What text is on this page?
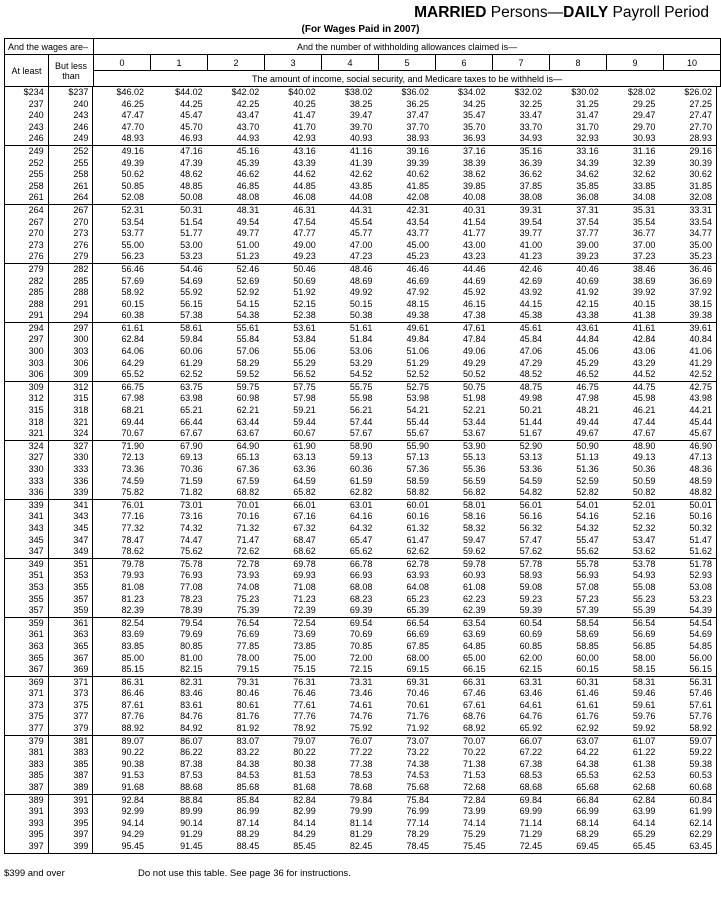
MARRIED Persons—DAILY Payroll Period
(For Wages Paid in 2007)
And the wages are–		And the number of withholding allowances claimed is—										
At least	But less
than	0	1	2	3	4	5	6	7	8	9	10
		The amount of income, social security, and Medicare taxes to be withheld is—										
$234	$237	$46.02	$44.02	$42.02	$40.02	$38.02	$36.02	$34.02	$32.02	$30.02	$28.02	$26.02
237	240	46.25	44.25	42.25	40.25	38.25	36.25	34.25	32.25	31.25	29.25	27.25
240	243	47.47	45.47	43.47	41.47	39.47	37.47	35.47	33.47	31.47	29.47	27.47
243	246	47.70	45.70	43.70	41.70	39.70	37.70	35.70	33.70	31.70	29.70	27.70
246	249	48.93	46.93	44.93	42.93	40.93	38.93	36.93	34.93	32.93	30.93	28.93
249	252	49.16	47.16	45.16	43.16	41.16	39.16	37.16	35.16	33.16	31.16	29.16
252	255	49.39	47.39	45.39	43.39	41.39	39.39	38.39	36.39	34.39	32.39	30.39
255	258	50.62	48.62	46.62	44.62	42.62	40.62	38.62	36.62	34.62	32.62	30.62
258	261	50.85	48.85	46.85	44.85	43.85	41.85	39.85	37.85	35.85	33.85	31.85
261	264	52.08	50.08	48.08	46.08	44.08	42.08	40.08	38.08	36.08	34.08	32.08
264	267	52.31	50.31	48.31	46.31	44.31	42.31	40.31	39.31	37.31	35.31	33.31
267	270	53.54	51.54	49.54	47.54	45.54	43.54	41.54	39.54	37.54	35.54	33.54
270	273	53.77	51.77	49.77	47.77	45.77	43.77	41.77	39.77	37.77	36.77	34.77
273	276	55.00	53.00	51.00	49.00	47.00	45.00	43.00	41.00	39.00	37.00	35.00
276	279	56.23	53.23	51.23	49.23	47.23	45.23	43.23	41.23	39.23	37.23	35.23
279	282	56.46	54.46	52.46	50.46	48.46	46.46	44.46	42.46	40.46	38.46	36.46
282	285	57.69	54.69	52.69	50.69	48.69	46.69	44.69	42.69	40.69	38.69	36.69
285	288	58.92	55.92	52.92	51.92	49.92	47.92	45.92	43.92	41.92	39.92	37.92
288	291	60.15	56.15	54.15	52.15	50.15	48.15	46.15	44.15	42.15	40.15	38.15
291	294	60.38	57.38	54.38	52.38	50.38	49.38	47.38	45.38	43.38	41.38	39.38
294	297	61.61	58.61	55.61	53.61	51.61	49.61	47.61	45.61	43.61	41.61	39.61
297	300	62.84	59.84	55.84	53.84	51.84	49.84	47.84	45.84	44.84	42.84	40.84
300	303	64.06	60.06	57.06	55.06	53.06	51.06	49.06	47.06	45.06	43.06	41.06
303	306	64.29	61.29	58.29	55.29	53.29	51.29	49.29	47.29	45.29	43.29	41.29
306	309	65.52	62.52	59.52	56.52	54.52	52.52	50.52	48.52	46.52	44.52	42.52
309	312	66.75	63.75	59.75	57.75	55.75	52.75	50.75	48.75	46.75	44.75	42.75
312	315	67.98	63.98	60.98	57.98	55.98	53.98	51.98	49.98	47.98	45.98	43.98
315	318	68.21	65.21	62.21	59.21	56.21	54.21	52.21	50.21	48.21	46.21	44.21
318	321	69.44	66.44	63.44	59.44	57.44	55.44	53.44	51.44	49.44	47.44	45.44
321	324	70.67	67.67	63.67	60.67	57.67	55.67	53.67	51.67	49.67	47.67	45.67
324	327	71.90	67.90	64.90	61.90	58.90	55.90	53.90	52.90	50.90	48.90	46.90
327	330	72.13	69.13	65.13	63.13	59.13	57.13	55.13	53.13	51.13	49.13	47.13
330	333	73.36	70.36	67.36	63.36	60.36	57.36	55.36	53.36	51.36	50.36	48.36
333	336	74.59	71.59	67.59	64.59	61.59	58.59	56.59	54.59	52.59	50.59	48.59
336	339	75.82	71.82	68.82	65.82	62.82	58.82	56.82	54.82	52.82	50.82	48.82
339	341	76.01	73.01	70.01	66.01	63.01	60.01	58.01	56.01	54.01	52.01	50.01
341	343	77.16	73.16	70.16	67.16	64.16	60.16	58.16	56.16	54.16	52.16	50.16
343	345	77.32	74.32	71.32	67.32	64.32	61.32	58.32	56.32	54.32	52.32	50.32
345	347	78.47	74.47	71.47	68.47	65.47	61.47	59.47	57.47	55.47	53.47	51.47
347	349	78.62	75.62	72.62	68.62	65.62	62.62	59.62	57.62	55.62	53.62	51.62
349	351	79.78	75.78	72.78	69.78	66.78	62.78	59.78	57.78	55.78	53.78	51.78
351	353	79.93	76.93	73.93	69.93	66.93	63.93	60.93	58.93	56.93	54.93	52.93
353	355	81.08	77.08	74.08	71.08	68.08	64.08	61.08	59.08	57.08	55.08	53.08
355	357	81.23	78.23	75.23	71.23	68.23	65.23	62.23	59.23	57.23	55.23	53.23
357	359	82.39	78.39	75.39	72.39	69.39	65.39	62.39	59.39	57.39	55.39	54.39
359	361	82.54	79.54	76.54	72.54	69.54	66.54	63.54	60.54	58.54	56.54	54.54
361	363	83.69	79.69	76.69	73.69	70.69	66.69	63.69	60.69	58.69	56.69	54.69
363	365	83.85	80.85	77.85	73.85	70.85	67.85	64.85	60.85	58.85	56.85	54.85
365	367	85.00	81.00	78.00	75.00	72.00	68.00	65.00	62.00	60.00	58.00	56.00
367	369	85.15	82.15	79.15	75.15	72.15	69.15	66.15	62.15	60.15	58.15	56.15
369	371	86.31	82.31	79.31	76.31	73.31	69.31	66.31	63.31	60.31	58.31	56.31
371	373	86.46	83.46	80.46	76.46	73.46	70.46	67.46	63.46	61.46	59.46	57.46
373	375	87.61	83.61	80.61	77.61	74.61	70.61	67.61	64.61	61.61	59.61	57.61
375	377	87.76	84.76	81.76	77.76	74.76	71.76	68.76	64.76	61.76	59.76	57.76
377	379	88.92	84.92	81.92	78.92	75.92	71.92	68.92	65.92	62.92	59.92	58.92
379	381	89.07	86.07	83.07	79.07	76.07	73.07	70.07	66.07	63.07	61.07	59.07
381	383	90.22	86.22	83.22	80.22	77.22	73.22	70.22	67.22	64.22	61.22	59.22
383	385	90.38	87.38	84.38	80.38	77.38	74.38	71.38	67.38	64.38	61.38	59.38
385	387	91.53	87.53	84.53	81.53	78.53	74.53	71.53	68.53	65.53	62.53	60.53
387	389	91.68	88.68	85.68	81.68	78.68	75.68	72.68	68.68	65.68	62.68	60.68
389	391	92.84	88.84	85.84	82.84	79.84	75.84	72.84	69.84	66.84	62.84	60.84
391	393	92.99	89.99	86.99	82.99	79.99	76.99	73.99	69.99	66.99	63.99	61.99
393	395	94.14	90.14	87.14	84.14	81.14	77.14	74.14	71.14	68.14	64.14	62.14
395	397	94.29	91.29	88.29	84.29	81.29	78.29	75.29	71.29	68.29	65.29	62.29
397	399	95.45	91.45	88.45	85.45	82.45	78.45	75.45	72.45	69.45	65.45	63.45
$399 and over	Do not use this table. See page 36 for instructions.
